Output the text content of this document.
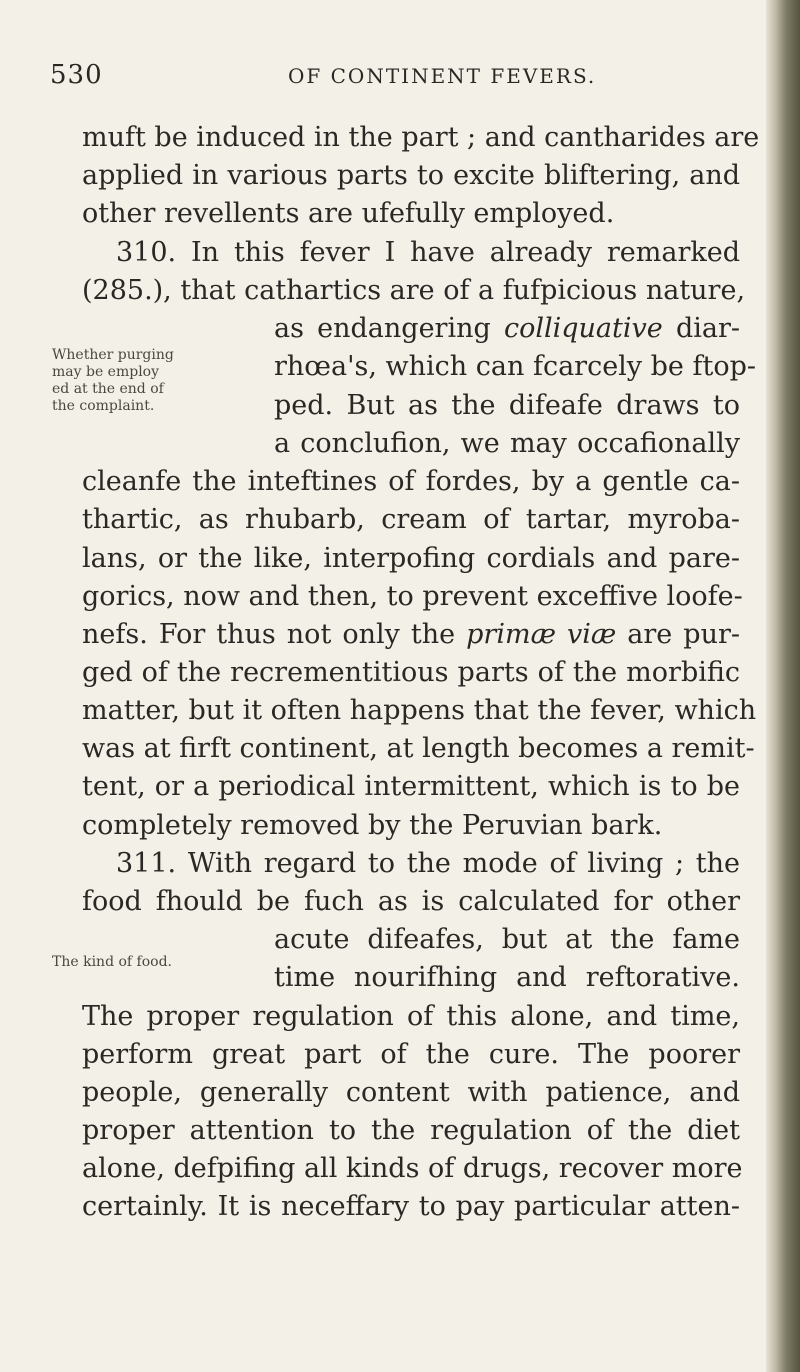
530	OF CONTINENT FEVERS.
muft be induced in the part ; and cantharides are
applied in various parts to excite bliftering, and
other revellents are ufefully employed.
310. In this fever I have already remarked
(285.), that cathartics are of a fufpicious nature,
as endangering colliquative diar-
rhœa's, which can fcarcely be ftop-
ped. But as the difeafe draws to
a conclufion, we may occafionally
Whether purging
may be employ
ed at the end of
the complaint.
cleanfe the inteftines of fordes, by a gentle ca-
thartic, as rhubarb, cream of tartar, myroba-
lans, or the like, interpofing cordials and pare-
gorics, now and then, to prevent exceffive loofe-
nefs. For thus not only the primæ viæ are pur-
ged of the recrementitious parts of the morbific
matter, but it often happens that the fever, which
was at firft continent, at length becomes a remit-
tent, or a periodical intermittent, which is to be
completely removed by the Peruvian bark.
311. With regard to the mode of living ; the
food fhould be fuch as is calculated for other
acute difeafes, but at the fame
time nourifhing and reftorative.
The kind of food.
The proper regulation of this alone, and time,
perform great part of the cure. The poorer
people, generally content with patience, and
proper attention to the regulation of the diet
alone, defpifing all kinds of drugs, recover more
certainly. It is neceffary to pay particular atten-
